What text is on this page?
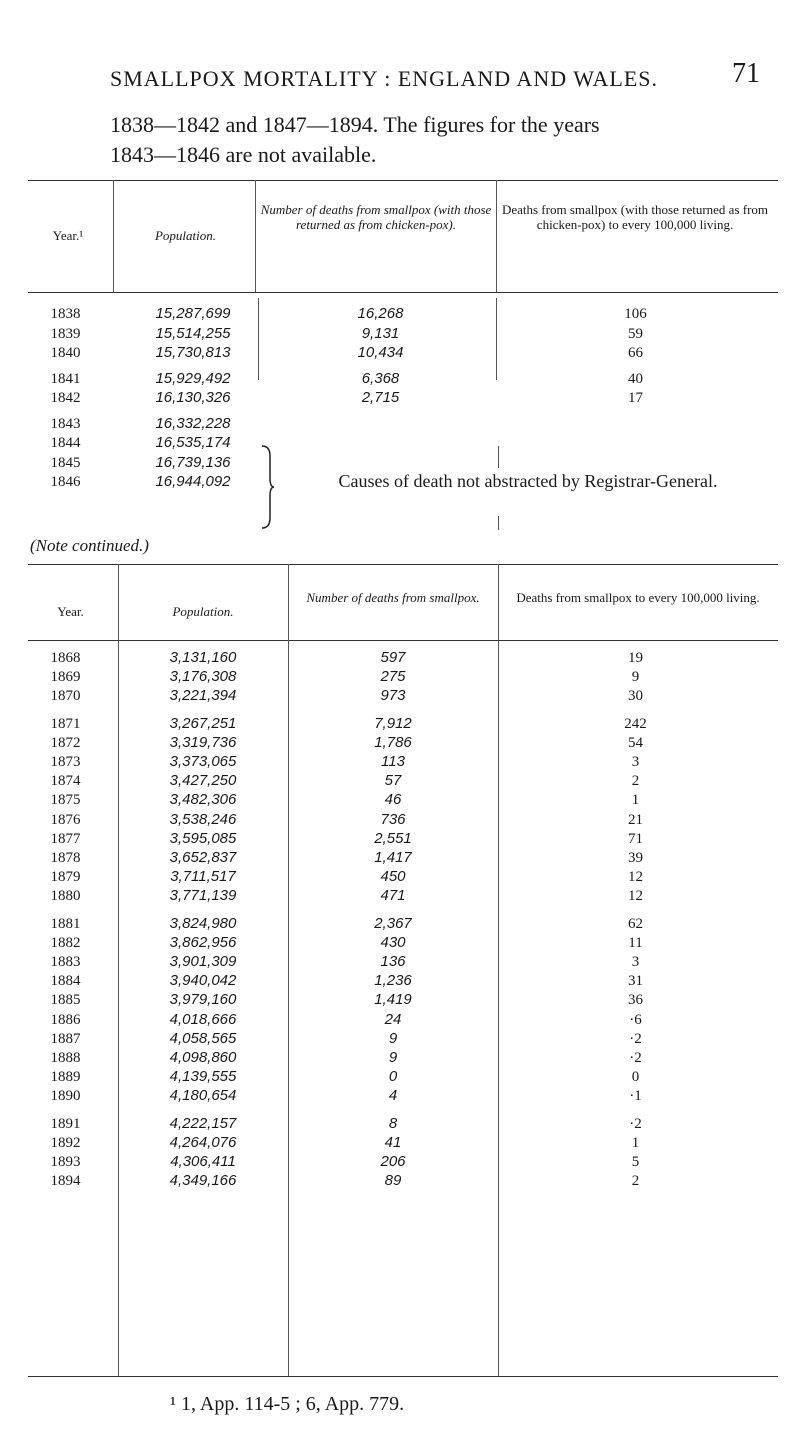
SMALLPOX MORTALITY : ENGLAND AND WALES.	71
1838—1842 and 1847—1894. The figures for the years
1843—1846 are not available.
Year.¹	Population.
Number of deaths from smallpox (with those returned as from chicken-pox).
Deaths from smallpox (with those returned as from chicken-pox) to every 100,000 living.
Causes of death not abstracted by Registrar-General.
1838	15,287,699	16,268	106
1839	15,514,255	9,131	59
1840	15,730,813	10,434	66
1841	15,929,492	6,368	40
1842	16,130,326	2,715	17
1843	16,332,228
1844	16,535,174
1845	16,739,136
1846	16,944,092
(Note continued.)
Year.	Population.
Number of deaths from smallpox.	Deaths from smallpox to every 100,000 living.
1868	3,131,160	597	19
1869	3,176,308	275	9
1870	3,221,394	973	30
1871	3,267,251	7,912	242
1872	3,319,736	1,786	54
1873	3,373,065	113	3
1874	3,427,250	57	2
1875	3,482,306	46	1
1876	3,538,246	736	21
1877	3,595,085	2,551	71
1878	3,652,837	1,417	39
1879	3,711,517	450	12
1880	3,771,139	471	12
1881	3,824,980	2,367	62
1882	3,862,956	430	11
1883	3,901,309	136	3
1884	3,940,042	1,236	31
1885	3,979,160	1,419	36
1886	4,018,666	24	·6
1887	4,058,565	9	·2
1888	4,098,860	9	·2
1889	4,139,555	0	0
1890	4,180,654	4	·1
1891	4,222,157	8	·2
1892	4,264,076	41	1
1893	4,306,411	206	5
1894	4,349,166	89	2
¹ 1, App. 114-5 ; 6, App. 779.
